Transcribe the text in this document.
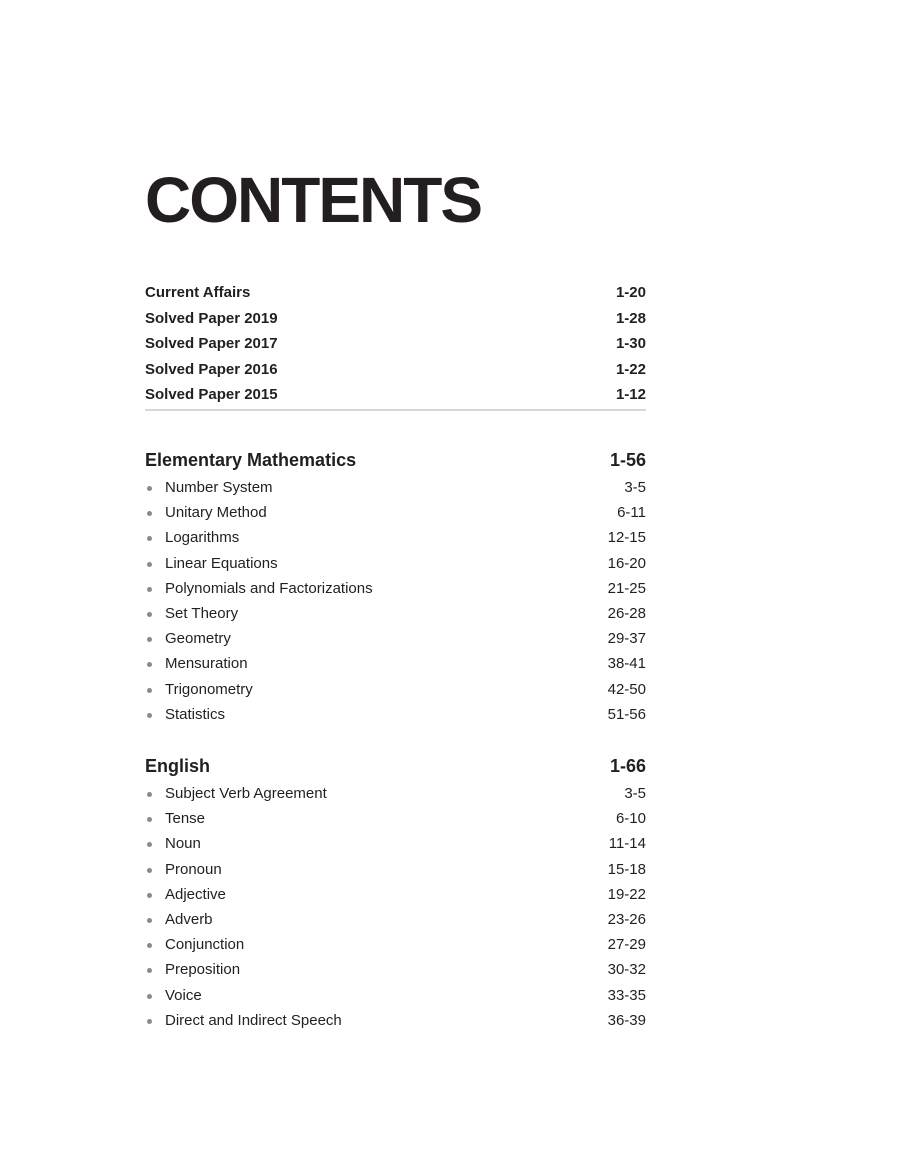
CONTENTS
Current Affairs	1-20
Solved Paper 2019	1-28
Solved Paper 2017	1-30
Solved Paper 2016	1-22
Solved Paper 2015	1-12
Elementary Mathematics	1-56
Number System	3-5
Unitary Method	6-11
Logarithms	12-15
Linear Equations	16-20
Polynomials and Factorizations	21-25
Set Theory	26-28
Geometry	29-37
Mensuration	38-41
Trigonometry	42-50
Statistics	51-56
English	1-66
Subject Verb Agreement	3-5
Tense	6-10
Noun	11-14
Pronoun	15-18
Adjective	19-22
Adverb	23-26
Conjunction	27-29
Preposition	30-32
Voice	33-35
Direct and Indirect Speech	36-39
